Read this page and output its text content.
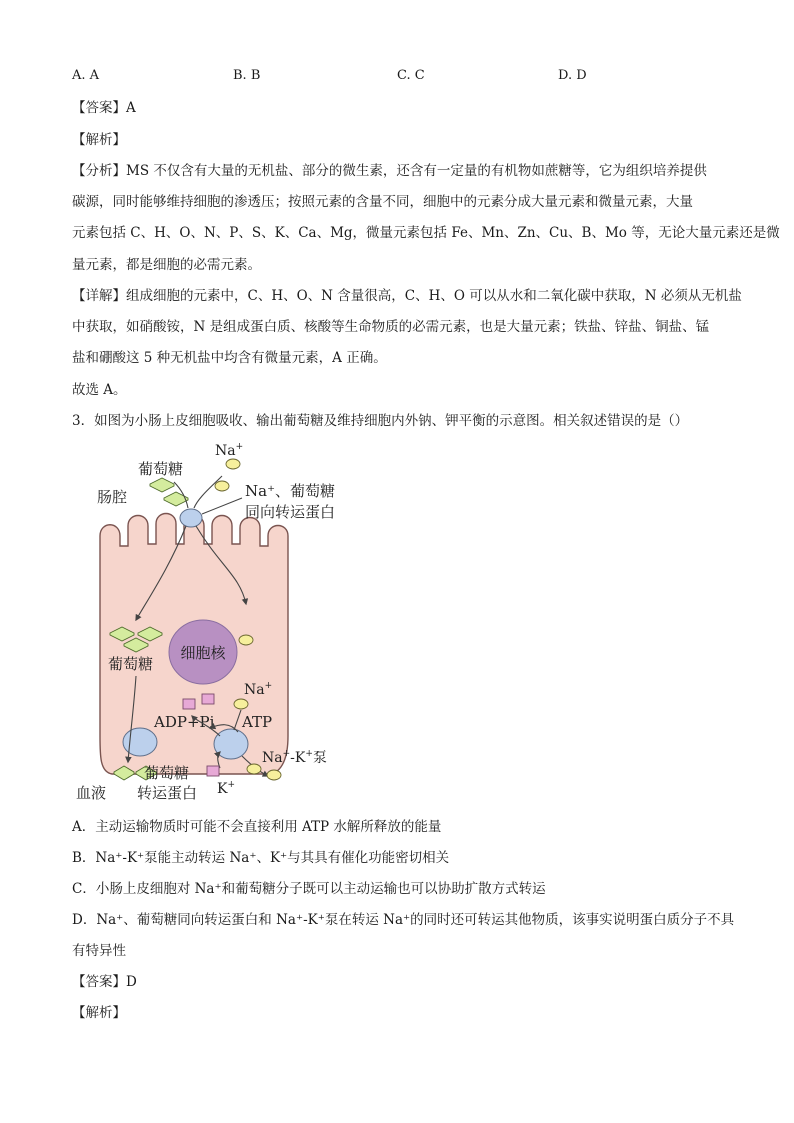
A. A	B. B	C. C	D. D
【答案】A
【解析】
【分析】MS 不仅含有大量的无机盐、部分的微生素，还含有一定量的有机物如蔗糖等，它为组织培养提供
碳源，同时能够维持细胞的渗透压；按照元素的含量不同，细胞中的元素分成大量元素和微量元素，大量
元素包括 C、H、O、N、P、S、K、Ca、Mg，微量元素包括 Fe、Mn、Zn、Cu、B、Mo 等，无论大量元素还是微
量元素，都是细胞的必需元素。
【详解】组成细胞的元素中，C、H、O、N 含量很高，C、H、O 可以从水和二氧化碳中获取，N 必须从无机盐
中获取，如硝酸铵，N 是组成蛋白质、核酸等生命物质的必需元素，也是大量元素；铁盐、锌盐、铜盐、锰
盐和硼酸这 5 种无机盐中均含有微量元素，A 正确。
故选 A。
3．如图为小肠上皮细胞吸收、输出葡萄糖及维持细胞内外钠、钾平衡的示意图。相关叙述错误的是（）
细胞核
Na+
葡萄糖
肠腔	Na⁺、葡萄糖
同向转运蛋白
葡萄糖
Na+
ADP+Pi ATP
Na+-K+泵
葡萄糖
血液 转运蛋白 K+
A．主动运输物质时可能不会直接利用 ATP 水解所释放的能量
B．Na⁺-K⁺泵能主动转运 Na⁺、K⁺与其具有催化功能密切相关
C．小肠上皮细胞对 Na⁺和葡萄糖分子既可以主动运输也可以协助扩散方式转运
D．Na⁺、葡萄糖同向转运蛋白和 Na⁺-K⁺泵在转运 Na⁺的同时还可转运其他物质，该事实说明蛋白质分子不具
有特异性
【答案】D
【解析】
